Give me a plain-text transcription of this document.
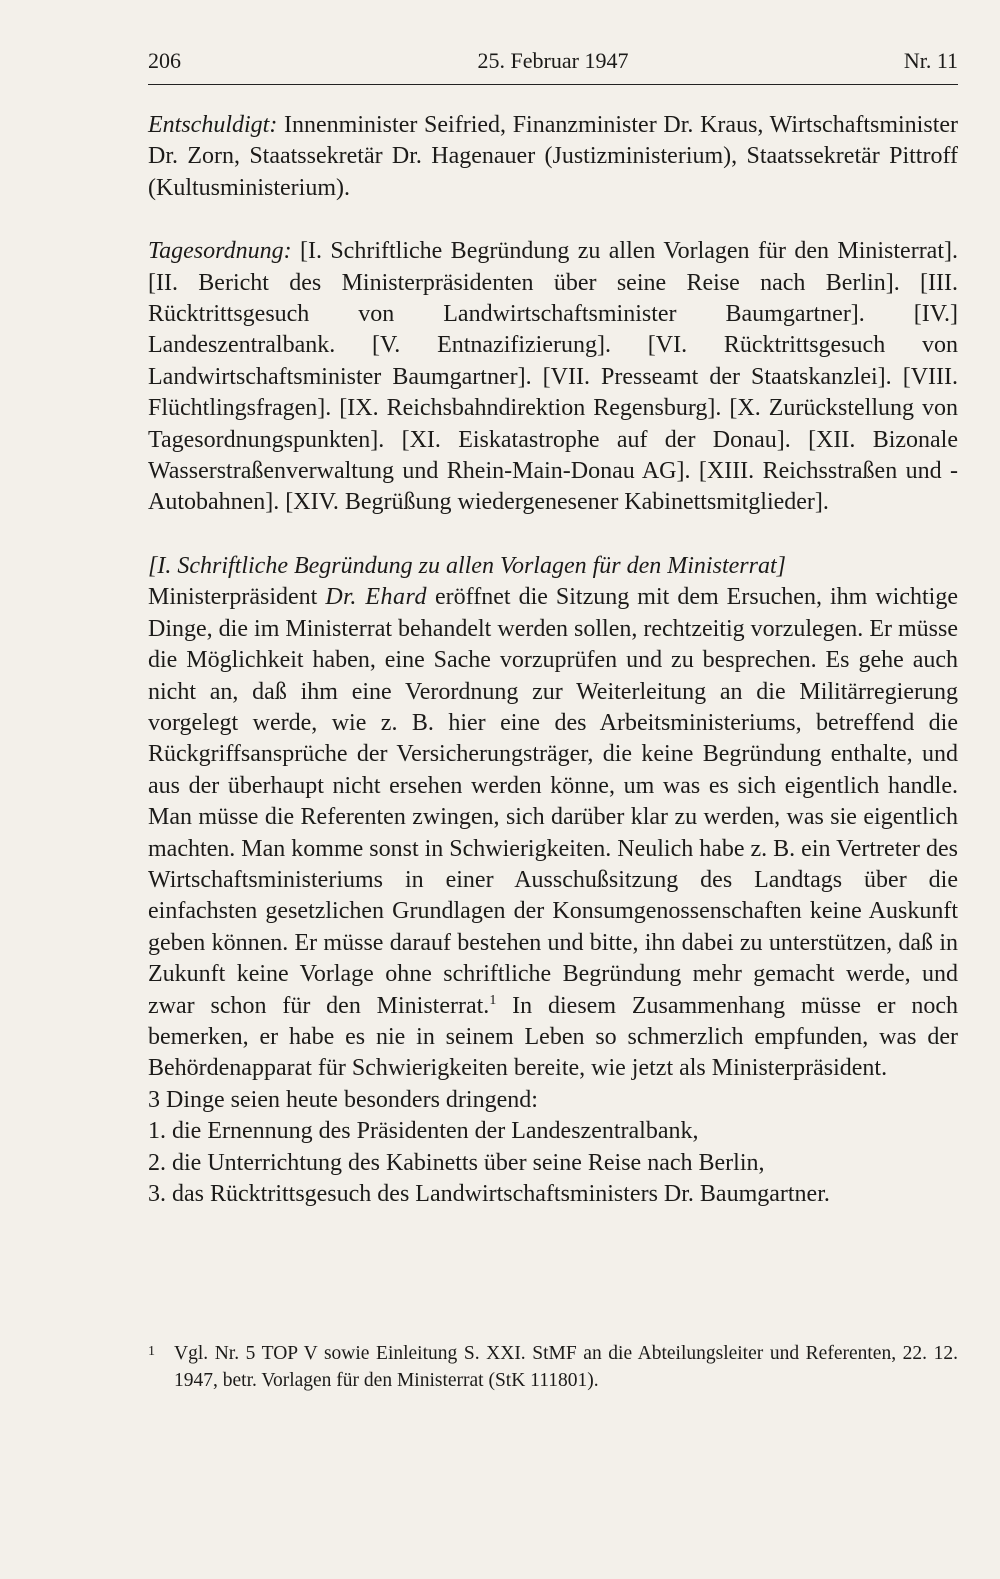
206	25. Februar 1947	Nr. 11

Entschuldigt: Innenminister Seifried, Finanzminister Dr. Kraus, Wirtschaftsminister Dr. Zorn, Staatssekretär Dr. Hagenauer (Justizministerium), Staatssekretär Pittroff (Kultusministerium).

Tagesordnung: [I. Schriftliche Begründung zu allen Vorlagen für den Ministerrat]. [II. Bericht des Ministerpräsidenten über seine Reise nach Berlin]. [III. Rücktrittsgesuch von Landwirtschaftsminister Baumgartner]. [IV.] Landeszentralbank. [V. Entnazifizierung]. [VI. Rücktrittsgesuch von Landwirtschaftsminister Baumgartner]. [VII. Presseamt der Staatskanzlei]. [VIII. Flüchtlingsfragen]. [IX. Reichsbahndirektion Regensburg]. [X. Zurückstellung von Tagesordnungspunkten]. [XI. Eiskatastrophe auf der Donau]. [XII. Bizonale Wasserstraßenverwaltung und Rhein-Main-Donau AG]. [XIII. Reichsstraßen und -Autobahnen]. [XIV. Begrüßung wiedergenesener Kabinettsmitglieder].

[I. Schriftliche Begründung zu allen Vorlagen für den Ministerrat]

Ministerpräsident Dr. Ehard eröffnet die Sitzung mit dem Ersuchen, ihm wichtige Dinge, die im Ministerrat behandelt werden sollen, rechtzeitig vorzulegen. Er müsse die Möglichkeit haben, eine Sache vorzuprüfen und zu besprechen. Es gehe auch nicht an, daß ihm eine Verordnung zur Weiterleitung an die Militärregierung vorgelegt werde, wie z. B. hier eine des Arbeitsministeriums, betreffend die Rückgriffsansprüche der Versicherungsträger, die keine Begründung enthalte, und aus der überhaupt nicht ersehen werden könne, um was es sich eigentlich handle. Man müsse die Referenten zwingen, sich darüber klar zu werden, was sie eigentlich machten. Man komme sonst in Schwierigkeiten. Neulich habe z. B. ein Vertreter des Wirtschaftsministeriums in einer Ausschußsitzung des Landtags über die einfachsten gesetzlichen Grundlagen der Konsumgenossenschaften keine Auskunft geben können. Er müsse darauf bestehen und bitte, ihn dabei zu unterstützen, daß in Zukunft keine Vorlage ohne schriftliche Begründung mehr gemacht werde, und zwar schon für den Ministerrat.$^1$ In diesem Zusammenhang müsse er noch bemerken, er habe es nie in seinem Leben so schmerzlich empfunden, was der Behördenapparat für Schwierigkeiten bereite, wie jetzt als Ministerpräsident.

3 Dinge seien heute besonders dringend:

1. die Ernennung des Präsidenten der Landeszentralbank,

2. die Unterrichtung des Kabinetts über seine Reise nach Berlin,

3. das Rücktrittsgesuch des Landwirtschaftsministers Dr. Baumgartner.

1 Vgl. Nr. 5 TOP V sowie Einleitung S. XXI. StMF an die Abteilungsleiter und Referenten, 22. 12. 1947, betr. Vorlagen für den Ministerrat (StK 111801).
